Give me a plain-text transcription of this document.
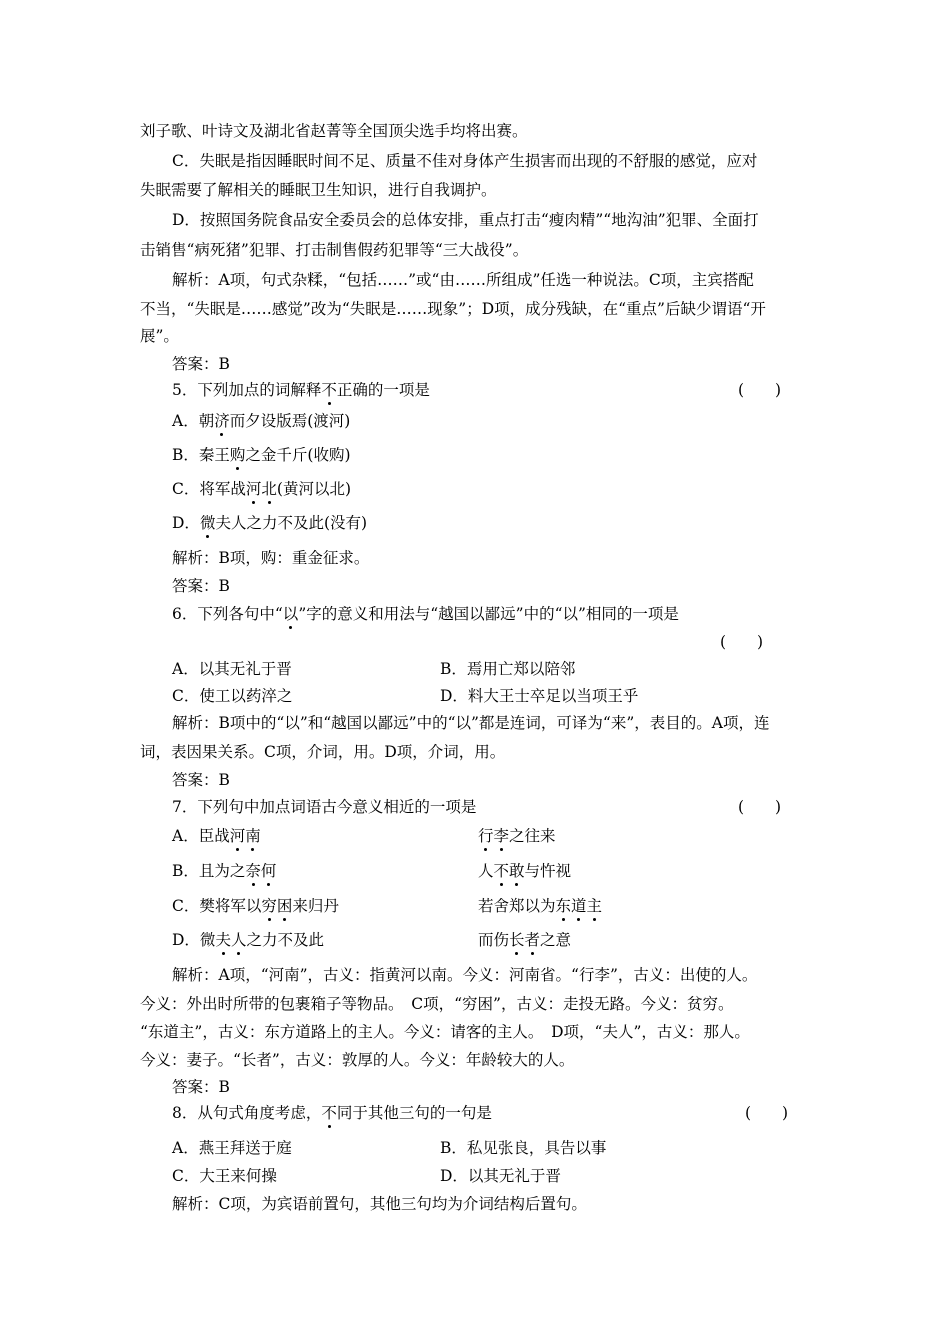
刘子歌、叶诗文及湖北省赵菁等全国顶尖选手均将出赛。
C．失眠是指因睡眠时间不足、质量不佳对身体产生损害而出现的不舒服的感觉，应对
失眠需要了解相关的睡眠卫生知识，进行自我调护。
D．按照国务院食品安全委员会的总体安排，重点打击“瘦肉精”“地沟油”犯罪、全面打
击销售“病死猪”犯罪、打击制售假药犯罪等“三大战役”。
解析：A项，句式杂糅，“包括……”或“由……所组成”任选一种说法。C项，主宾搭配
不当，“失眠是……感觉”改为“失眠是……现象”；D项，成分残缺，在“重点”后缺少谓语“开
展”。
答案：B
5．下列加点的词解释不正确的一项是	(　　)
A．朝济而夕设版焉(渡河)
B．秦王购之金千斤(收购)
C．将军战河北(黄河以北)
D．微夫人之力不及此(没有)
解析：B项，购：重金征求。
答案：B
6．下列各句中“以”字的意义和用法与“越国以鄙远”中的“以”相同的一项是
(　　)
A．以其无礼于晋	B．焉用亡郑以陪邻
C．使工以药淬之	D．料大王士卒足以当项王乎
解析：B项中的“以”和“越国以鄙远”中的“以”都是连词，可译为“来”，表目的。A项，连
词，表因果关系。C项，介词，用。D项，介词，用。
答案：B
7．下列句中加点词语古今意义相近的一项是	(　　)
A．臣战河南	行李之往来
B．且为之奈何	人不敢与忤视
C．樊将军以穷困来归丹	若舍郑以为东道主
D．微夫人之力不及此	而伤长者之意
解析：A项，“河南”，古义：指黄河以南。今义：河南省。“行李”，古义：出使的人。
今义：外出时所带的包裹箱子等物品。　C项，“穷困”，古义：走投无路。今义：贫穷。
“东道主”，古义：东方道路上的主人。今义：请客的主人。　D项，“夫人”，古义：那人。
今义：妻子。“长者”，古义：敦厚的人。今义：年龄较大的人。
答案：B
8．从句式角度考虑，不同于其他三句的一句是	(　　)
A．燕王拜送于庭	B．私见张良，具告以事
C．大王来何操	D．以其无礼于晋
解析：C项，为宾语前置句，其他三句均为介词结构后置句。
